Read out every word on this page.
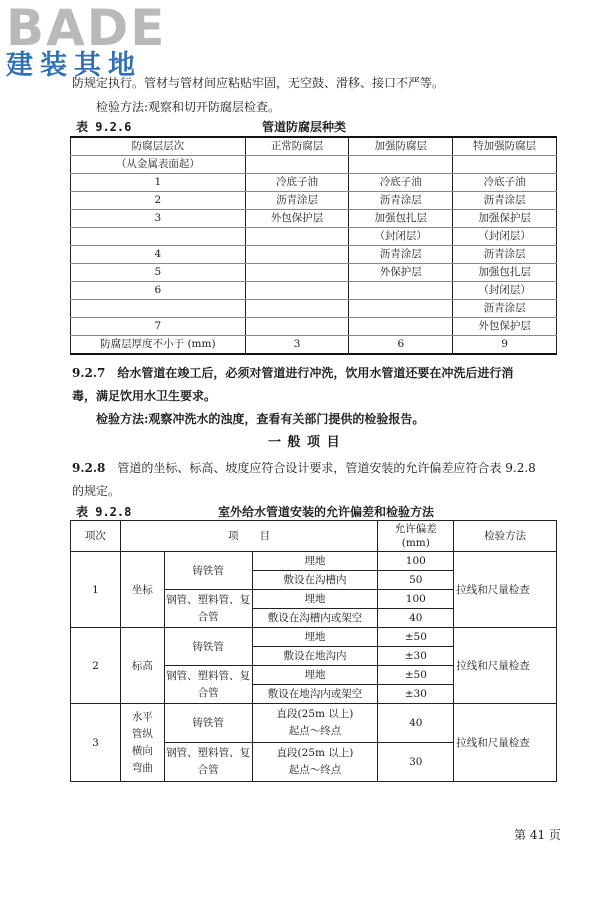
BADE
建装其地
防规定执行。管材与管材间应粘贴牢固，无空鼓、滑移、接口不严等。
检验方法:观察和切开防腐层检查。
表 9.2.6	管道防腐层种类
防腐层层次	正常防腐层	加强防腐层	特加强防腐层
（从金属表面起）			
1	冷底子油	冷底子油	冷底子油
2	沥青涂层	沥青涂层	沥青涂层
3	外包保护层	加强包扎层	加强保护层
		（封闭层）	（封闭层）
4		沥青涂层	沥青涂层
5		外保护层	加强包扎层
6			（封闭层）
			沥青涂层
7			外包保护层
防腐层厚度不小于 (mm)	3	6	9
9.2.7　 给水管道在竣工后，必须对管道进行冲洗，饮用水管道还要在冲洗后进行消
毒，满足饮用水卫生要求。
检验方法:观察冲洗水的浊度，查看有关部门提供的检验报告。
一 般 项 目
9.2.8　 管道的坐标、标高、坡度应符合设计要求，管道安装的允许偏差应符合表 9.2.8
的规定。
表 9.2.8	室外给水管道安装的允许偏差和检验方法
项次	项　　目			允许偏差
(mm)	检验方法
1	坐标	铸铁管	埋地	100	拉线和尺量检查
			敷设在沟槽内	50	
		钢管、塑料管、复合管	埋地	100	
			敷设在沟槽内或架空	40	
2	标高	铸铁管	埋地	±50	拉线和尺量检查
			敷设在地沟内	±30	
		钢管、塑料管、复合管	埋地	±50	
			敷设在地沟内或架空	±30	
3	水平管纵横向弯曲	铸铁管	直段(25m 以上)
起点～终点	40	拉线和尺量检查
		钢管、塑料管、复合管	直段(25m 以上)
起点～终点	30	
第 41 页
